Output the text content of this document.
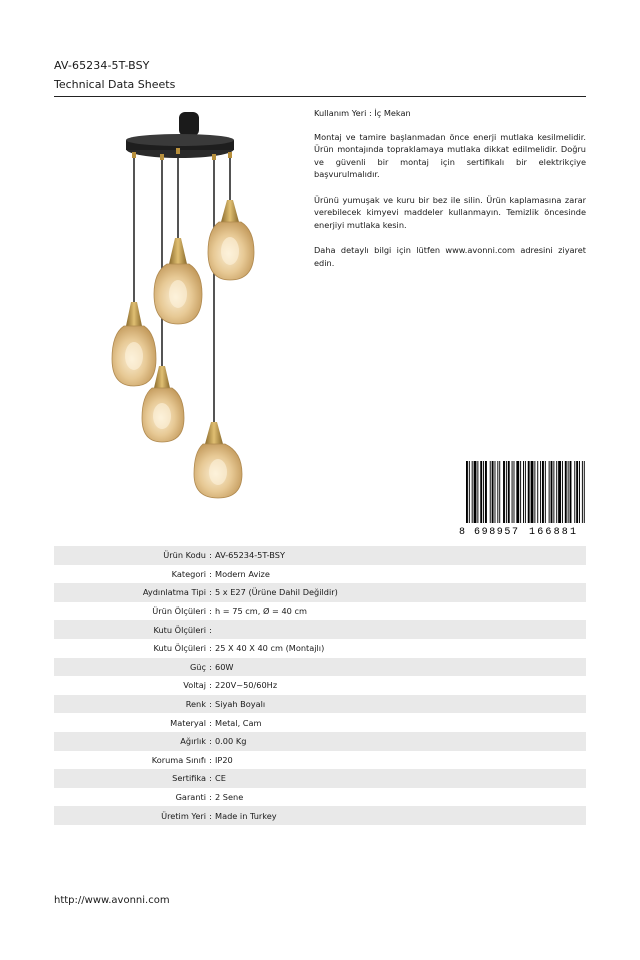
AV-65234-5T-BSY
Technical Data Sheets

Kullanım Yeri : İç Mekan

Montaj ve tamire başlanmadan önce enerji mutlaka kesilmelidir. Ürün montajında topraklamaya mutlaka dikkat edilmelidir. Doğru ve güvenli bir montaj için sertifikalı bir elektrikçiye başvurulmalıdır.

Ürünü yumuşak ve kuru bir bez ile silin. Ürün kaplamasına zarar verebilecek kimyevi maddeler kullanmayın. Temizlik öncesinde enerjiyi mutlaka kesin.

Daha detaylı bilgi için lütfen www.avonni.com adresini ziyaret edin.

8 698957 166881
Ürün Kodu : AV-65234-5T-BSY
Kategori : Modern Avize
Aydınlatma Tipi : 5 x E27 (Ürüne Dahil Değildir)
Ürün Ölçüleri : h = 75 cm, Ø = 40 cm
Kutu Ölçüleri :
Kutu Ölçüleri : 25 X 40 X 40 cm (Montajlı)
Güç : 60W
Voltaj : 220V~50/60Hz
Renk : Siyah Boyalı
Materyal : Metal, Cam
Ağırlık : 0.00 Kg
Koruma Sınıfı : IP20
Sertifika : CE
Garanti : 2 Sene
Üretim Yeri : Made in Turkey
http://www.avonni.com
